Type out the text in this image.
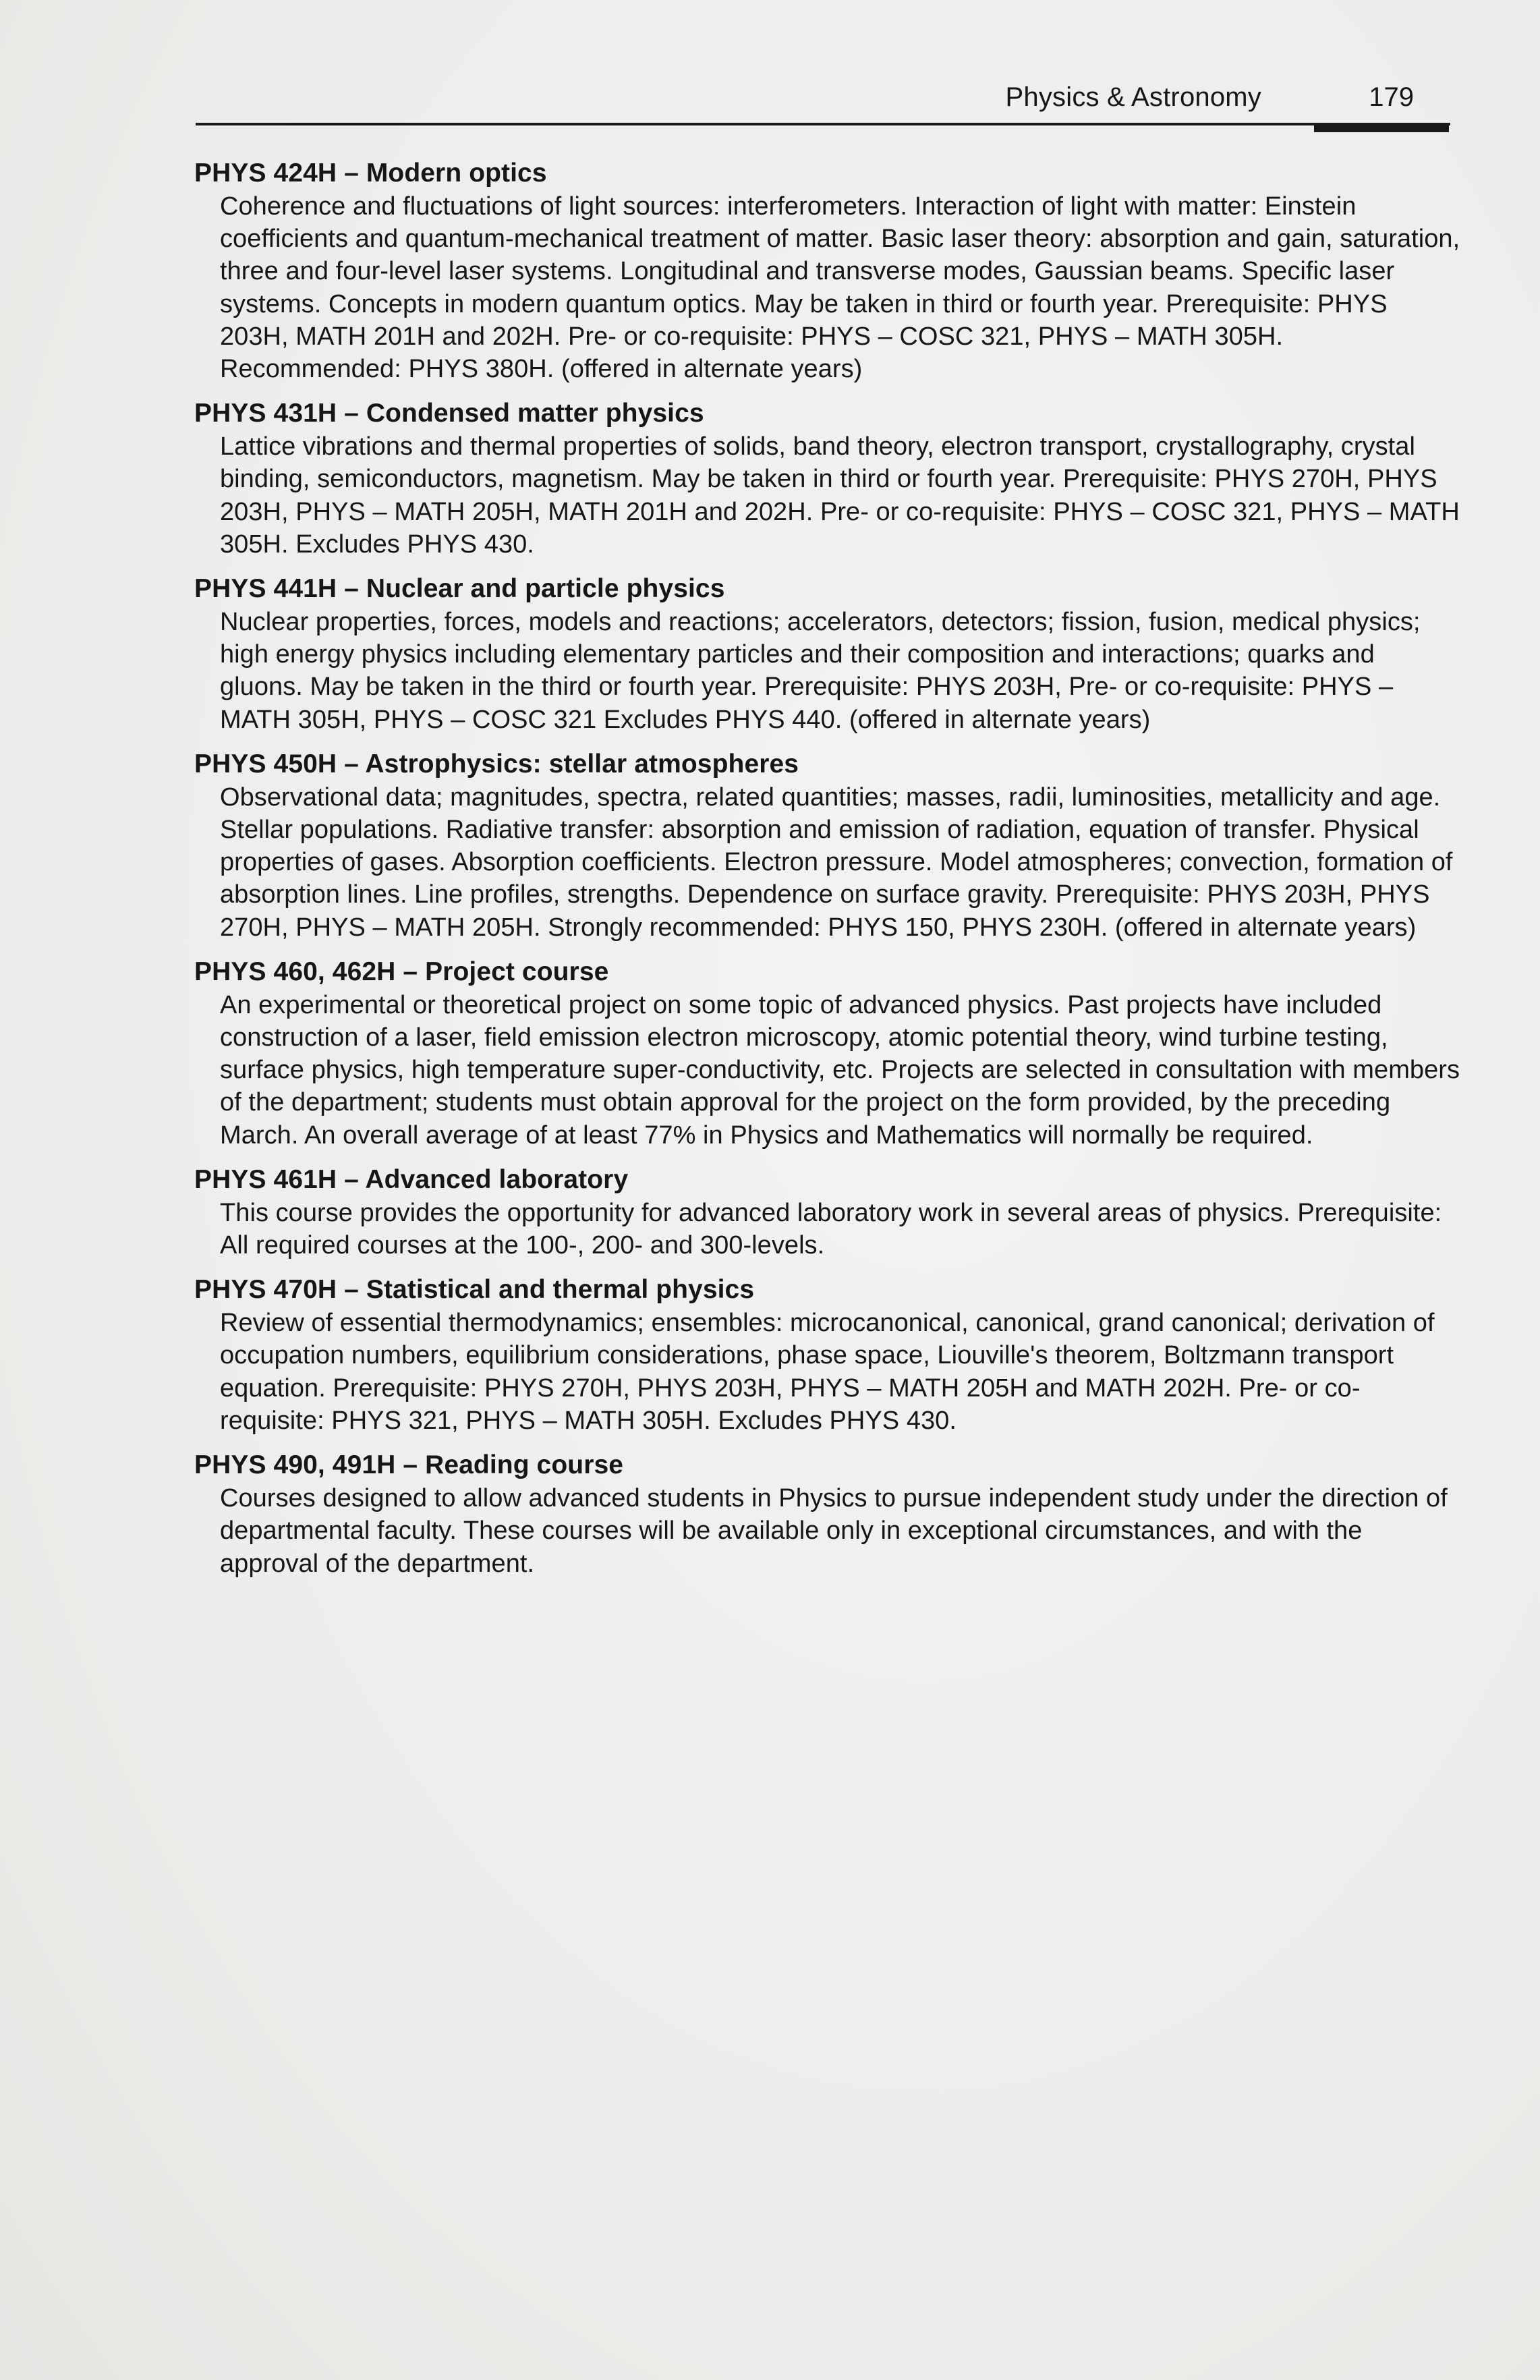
Physics & Astronomy	179

PHYS 424H – Modern optics

Coherence and fluctuations of light sources: interferometers. Interaction of light with matter: Einstein coefficients and quantum-mechanical treatment of matter. Basic laser theory: absorption and gain, saturation, three and four-level laser systems. Longitudinal and transverse modes, Gaussian beams. Specific laser systems. Concepts in modern quantum optics. May be taken in third or fourth year. Prerequisite: PHYS 203H, MATH 201H and 202H. Pre- or co-requisite: PHYS – COSC 321, PHYS – MATH 305H. Recommended: PHYS 380H. (offered in alternate years)

PHYS 431H – Condensed matter physics

Lattice vibrations and thermal properties of solids, band theory, electron transport, crystallography, crystal binding, semiconductors, magnetism. May be taken in third or fourth year. Prerequisite: PHYS 270H, PHYS 203H, PHYS – MATH 205H, MATH 201H and 202H. Pre- or co-requisite: PHYS – COSC 321, PHYS – MATH 305H. Excludes PHYS 430.

PHYS 441H – Nuclear and particle physics

Nuclear properties, forces, models and reactions; accelerators, detectors; fission, fusion, medical physics; high energy physics including elementary particles and their composition and interactions; quarks and gluons. May be taken in the third or fourth year. Prerequisite: PHYS 203H, Pre- or co-requisite: PHYS – MATH 305H, PHYS – COSC 321 Excludes PHYS 440. (offered in alternate years)

PHYS 450H – Astrophysics: stellar atmospheres

Observational data; magnitudes, spectra, related quantities; masses, radii, luminosities, metallicity and age. Stellar populations. Radiative transfer: absorption and emission of radiation, equation of transfer. Physical properties of gases. Absorption coefficients. Electron pressure. Model atmospheres; convection, formation of absorption lines. Line profiles, strengths. Dependence on surface gravity. Prerequisite: PHYS 203H, PHYS 270H, PHYS – MATH 205H. Strongly recommended: PHYS 150, PHYS 230H. (offered in alternate years)

PHYS 460, 462H – Project course

An experimental or theoretical project on some topic of advanced physics. Past projects have included construction of a laser, field emission electron microscopy, atomic potential theory, wind turbine testing, surface physics, high temperature super-conductivity, etc. Projects are selected in consultation with members of the department; students must obtain approval for the project on the form provided, by the preceding March. An overall average of at least 77% in Physics and Mathematics will normally be required.

PHYS 461H – Advanced laboratory

This course provides the opportunity for advanced laboratory work in several areas of physics. Prerequisite: All required courses at the 100-, 200- and 300-levels.

PHYS 470H – Statistical and thermal physics

Review of essential thermodynamics; ensembles: microcanonical, canonical, grand canonical; derivation of occupation numbers, equilibrium considerations, phase space, Liouville's theorem, Boltzmann transport equation. Prerequisite: PHYS 270H, PHYS 203H, PHYS – MATH 205H and MATH 202H. Pre- or co-requisite: PHYS 321, PHYS – MATH 305H. Excludes PHYS 430.

PHYS 490, 491H – Reading course

Courses designed to allow advanced students in Physics to pursue independent study under the direction of departmental faculty. These courses will be available only in exceptional circumstances, and with the approval of the department.
